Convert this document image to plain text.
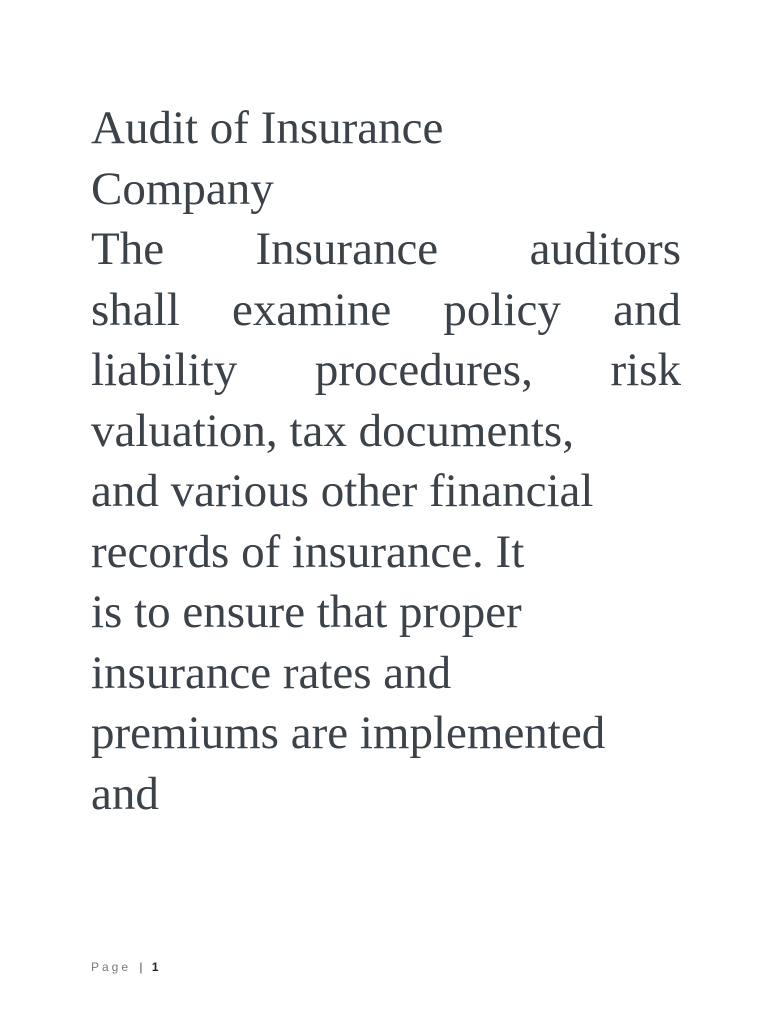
Audit of Insurance
Company
The Insurance auditors
shall examine policy and
liability procedures, risk
valuation, tax documents,
and various other financial
records of insurance. It
is to ensure that proper
insurance rates and
premiums are implemented
and
Page | 1
